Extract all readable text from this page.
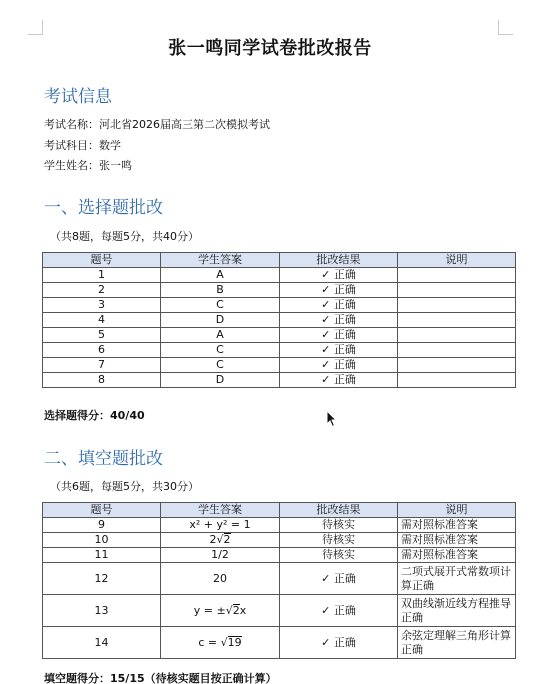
张一鸣同学试卷批改报告
考试信息
考试名称：河北省2026届高三第二次模拟考试
考试科目：数学
学生姓名：张一鸣
一、选择题批改
（共8题，每题5分，共40分）
题号	学生答案	批改结果	说明
1	A	✓ 正确	
2	B	✓ 正确	
3	C	✓ 正确	
4	D	✓ 正确	
5	A	✓ 正确	
6	C	✓ 正确	
7	C	✓ 正确	
8	D	✓ 正确	
选择题得分：40/40
二、填空题批改
（共6题，每题5分，共30分）
题号	学生答案	批改结果	说明
9	x² + y² = 1	待核实	需对照标准答案
10	2√2	待核实	需对照标准答案
11	1/2	待核实	需对照标准答案
12	20	✓ 正确	二项式展开式常数项计算正确
13	y = ±√2x	✓ 正确	双曲线渐近线方程推导正确
14	c = √19	✓ 正确	余弦定理解三角形计算正确
填空题得分：15/15（待核实题目按正确计算）
